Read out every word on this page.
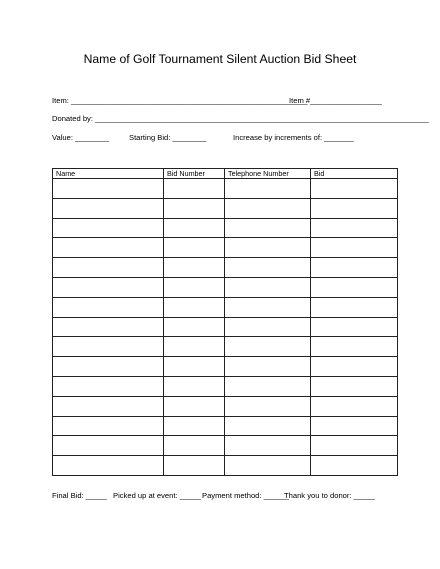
Name of Golf Tournament Silent Auction Bid Sheet
Item: ________________________________________________________
Item #_________________
Donated by: _______________________________________________________________________________
Value: ________	Starting Bid: ________	Increase by increments of: _______
Name	Bid Number	Telephone Number	Bid

Final Bid: _____ Picked up at event: _____ Payment method: ______
Thank you to donor: _____
